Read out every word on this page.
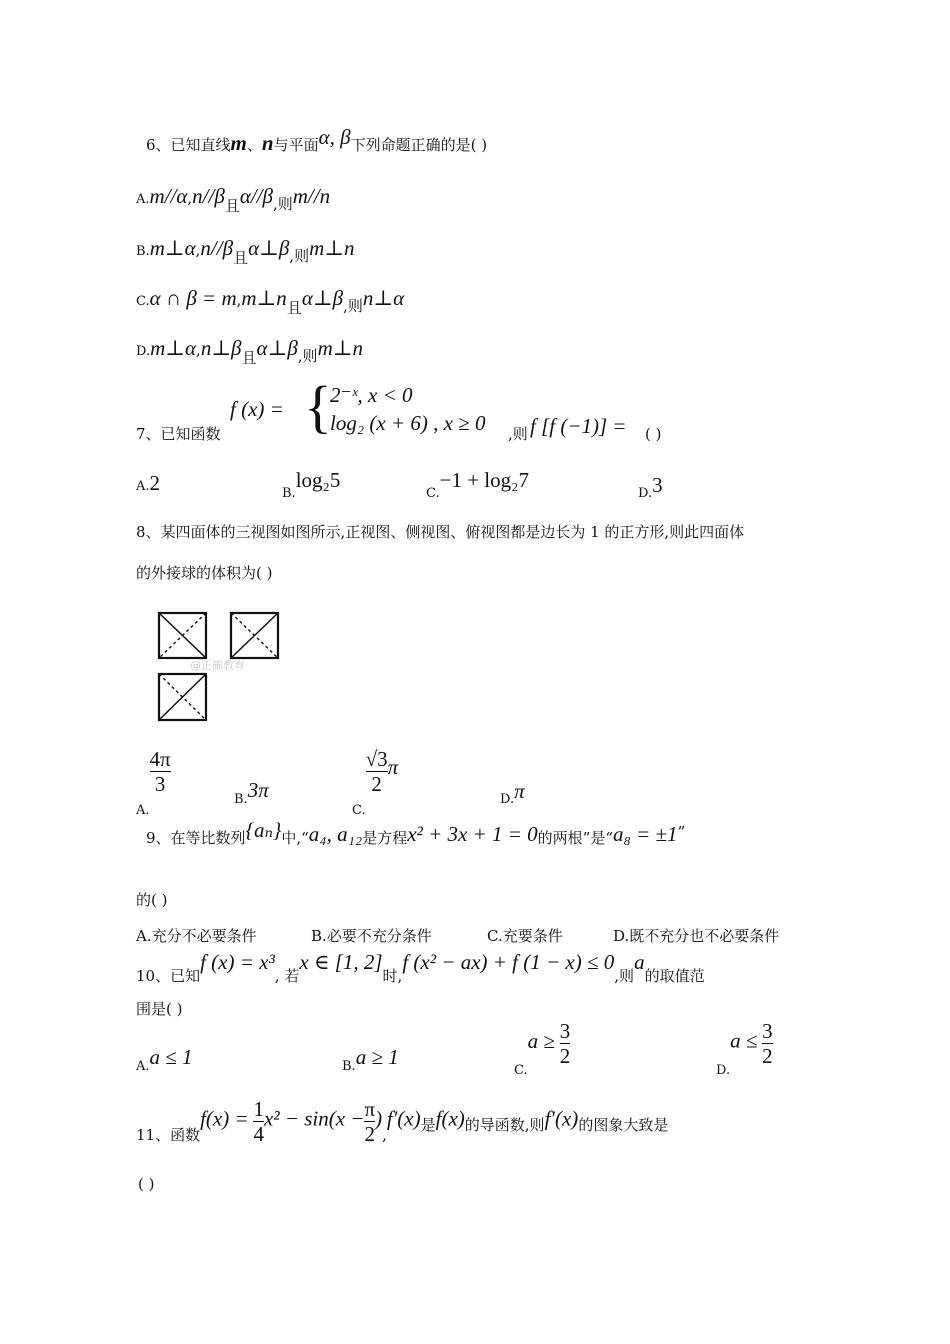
6、已知直线m、n与平面α, β下列命题正确的是( )
A.m//α,n//β且α//β,则m//n
B.m⊥α,n//β且α⊥β,则m⊥n
C.α ∩ β = m,m⊥n且α⊥β,则n⊥α
D.m⊥α,n⊥β且α⊥β,则m⊥n
7、已知函数
f (x) = {
2⁻ˣ, x < 0
log₂ (x + 6) , x ≥ 0 ,则 f [f (−1)] = ( )
A.2	B.log₂5
C.−1 + log₂7
D.3
8、某四面体的三视图如图所示,正视图、侧视图、俯视图都是边长为 1 的正方形,则此四面体
的外接球的体积为( )
@正確教育
A.
$\frac{4\pi}{3}$
B.3π
C.
$\frac{√3}{2}$ π
D.π
9、在等比数列{aₙ}中,“a₄, a₁₂是方程x² + 3x + 1 = 0的两根”是“a₈ = ±1”
的( )
A.充分不必要条件	B.必要不充分条件	C.充要条件	D.既不充分也不必要条件
10、已知f (x) = x³, 若x ∈ [1, 2]时,f (x² − ax) + f (1 − x) ≤ 0,则a的取值范
围是( )
A.a ≤ 1	B.a ≥ 1
$C.a \ge \frac{3}{2}$
$D.a \le \frac{3}{2}$
11、函数$f(x) = \frac{1}{4} x^2 - \sin(x - \frac{\pi}{2} ),f'(x)$是f(x)的导函数,则f′(x)的图象大致是
( )
